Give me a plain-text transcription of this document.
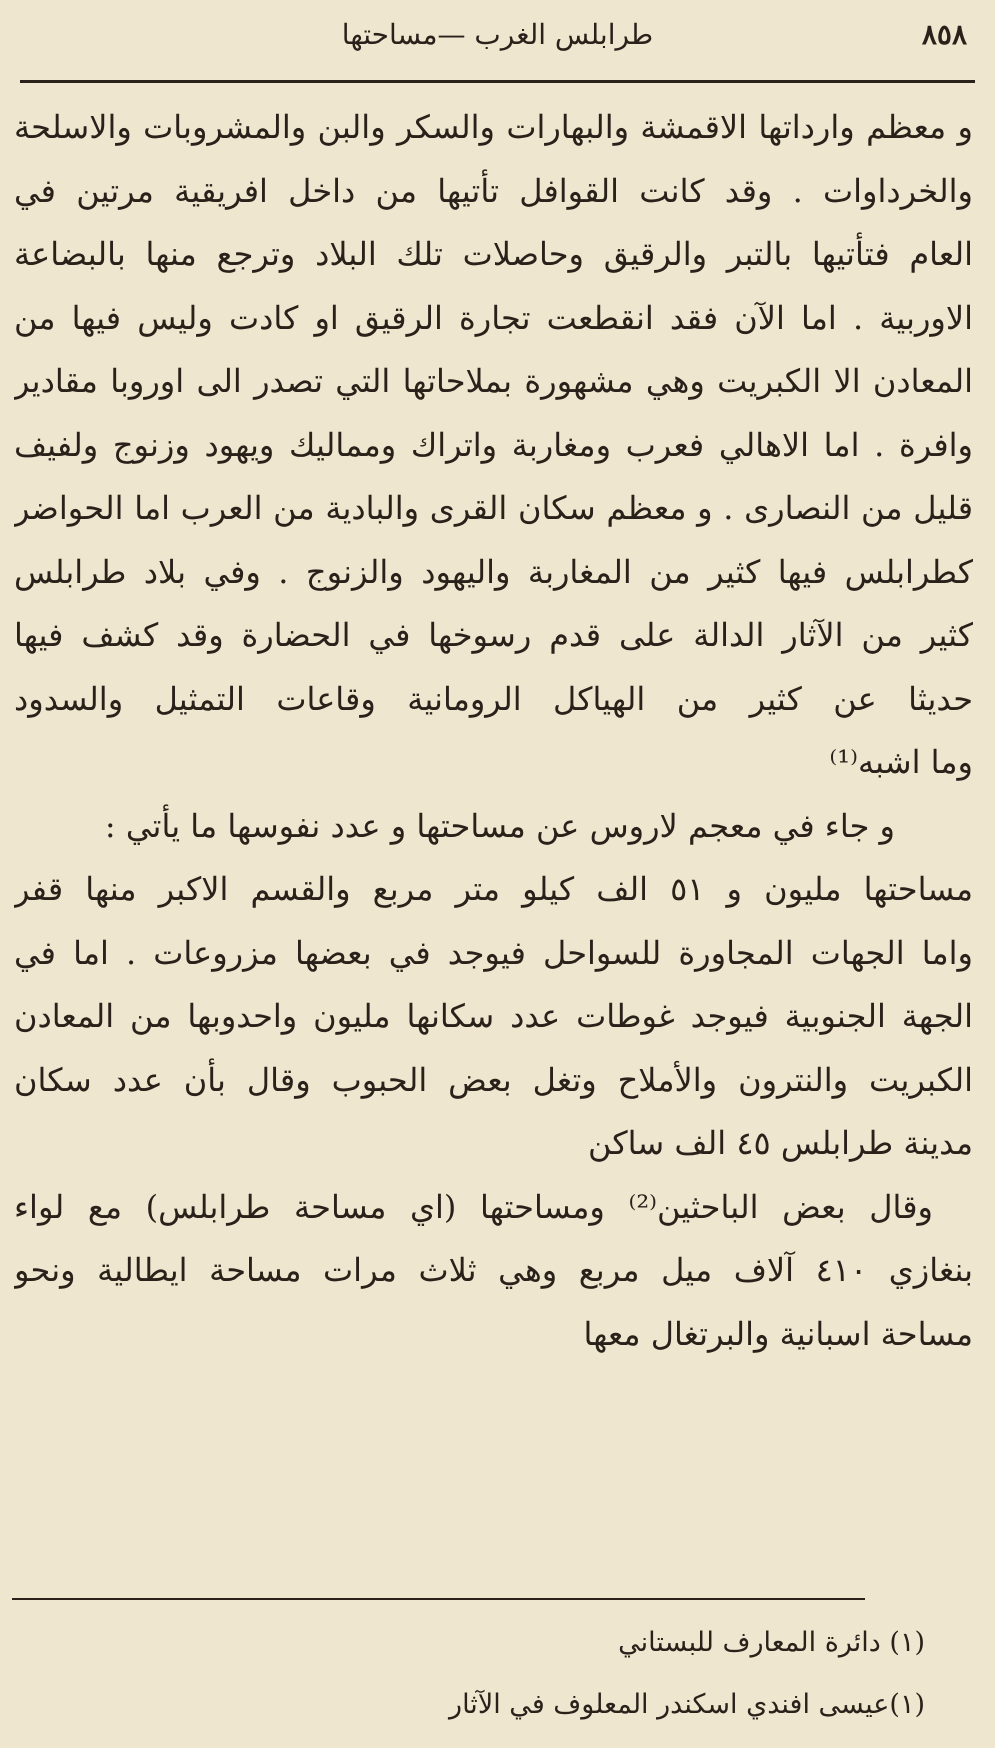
٨٥٨
طرابلس الغرب —مساحتها
و معظم وارداتها الاقمشة والبهارات والسكر والبن والمشروبات والاسلحة
والخرداوات . وقد كانت القوافل تأتيها من داخل افريقية مرتين في
العام فتأتيها بالتبر والرقيق وحاصلات تلك البلاد وترجع منها بالبضاعة
الاوربية . اما الآن فقد انقطعت تجارة الرقيق او كادت وليس فيها من
المعادن الا الكبريت وهي مشهورة بملاحاتها التي تصدر الى اوروبا مقادير
وافرة . اما الاهالي فعرب ومغاربة واتراك ومماليك ويهود وزنوج ولفيف
قليل من النصارى . و معظم سكان القرى والبادية من العرب اما الحواضر
كطرابلس فيها كثير من المغاربة واليهود والزنوج . وفي بلاد طرابلس
كثير من الآثار الدالة على قدم رسوخها في الحضارة وقد كشف فيها
حديثا عن كثير من الهياكل الرومانية وقاعات التمثيل والسدود
وما اشبه⁽¹⁾
و جاء في معجم لاروس عن مساحتها و عدد نفوسها ما يأتي :
مساحتها مليون و ٥١ الف كيلو متر مربع والقسم الاكبر منها قفر
واما الجهات المجاورة للسواحل فيوجد في بعضها مزروعات . اما في
الجهة الجنوبية فيوجد غوطات عدد سكانها مليون واحدوبها من المعادن
الكبريت والنترون والأملاح وتغل بعض الحبوب وقال بأن عدد سكان
مدينة طرابلس ٤٥ الف ساكن
وقال بعض الباحثين⁽²⁾ ومساحتها (اي مساحة طرابلس) مع لواء
بنغازي ٤١٠ آلاف ميل مربع وهي ثلاث مرات مساحة ايطالية ونحو
مساحة اسبانية والبرتغال معها
(١) دائرة المعارف للبستاني
(١)عيسى افندي اسكندر المعلوف في الآثار
